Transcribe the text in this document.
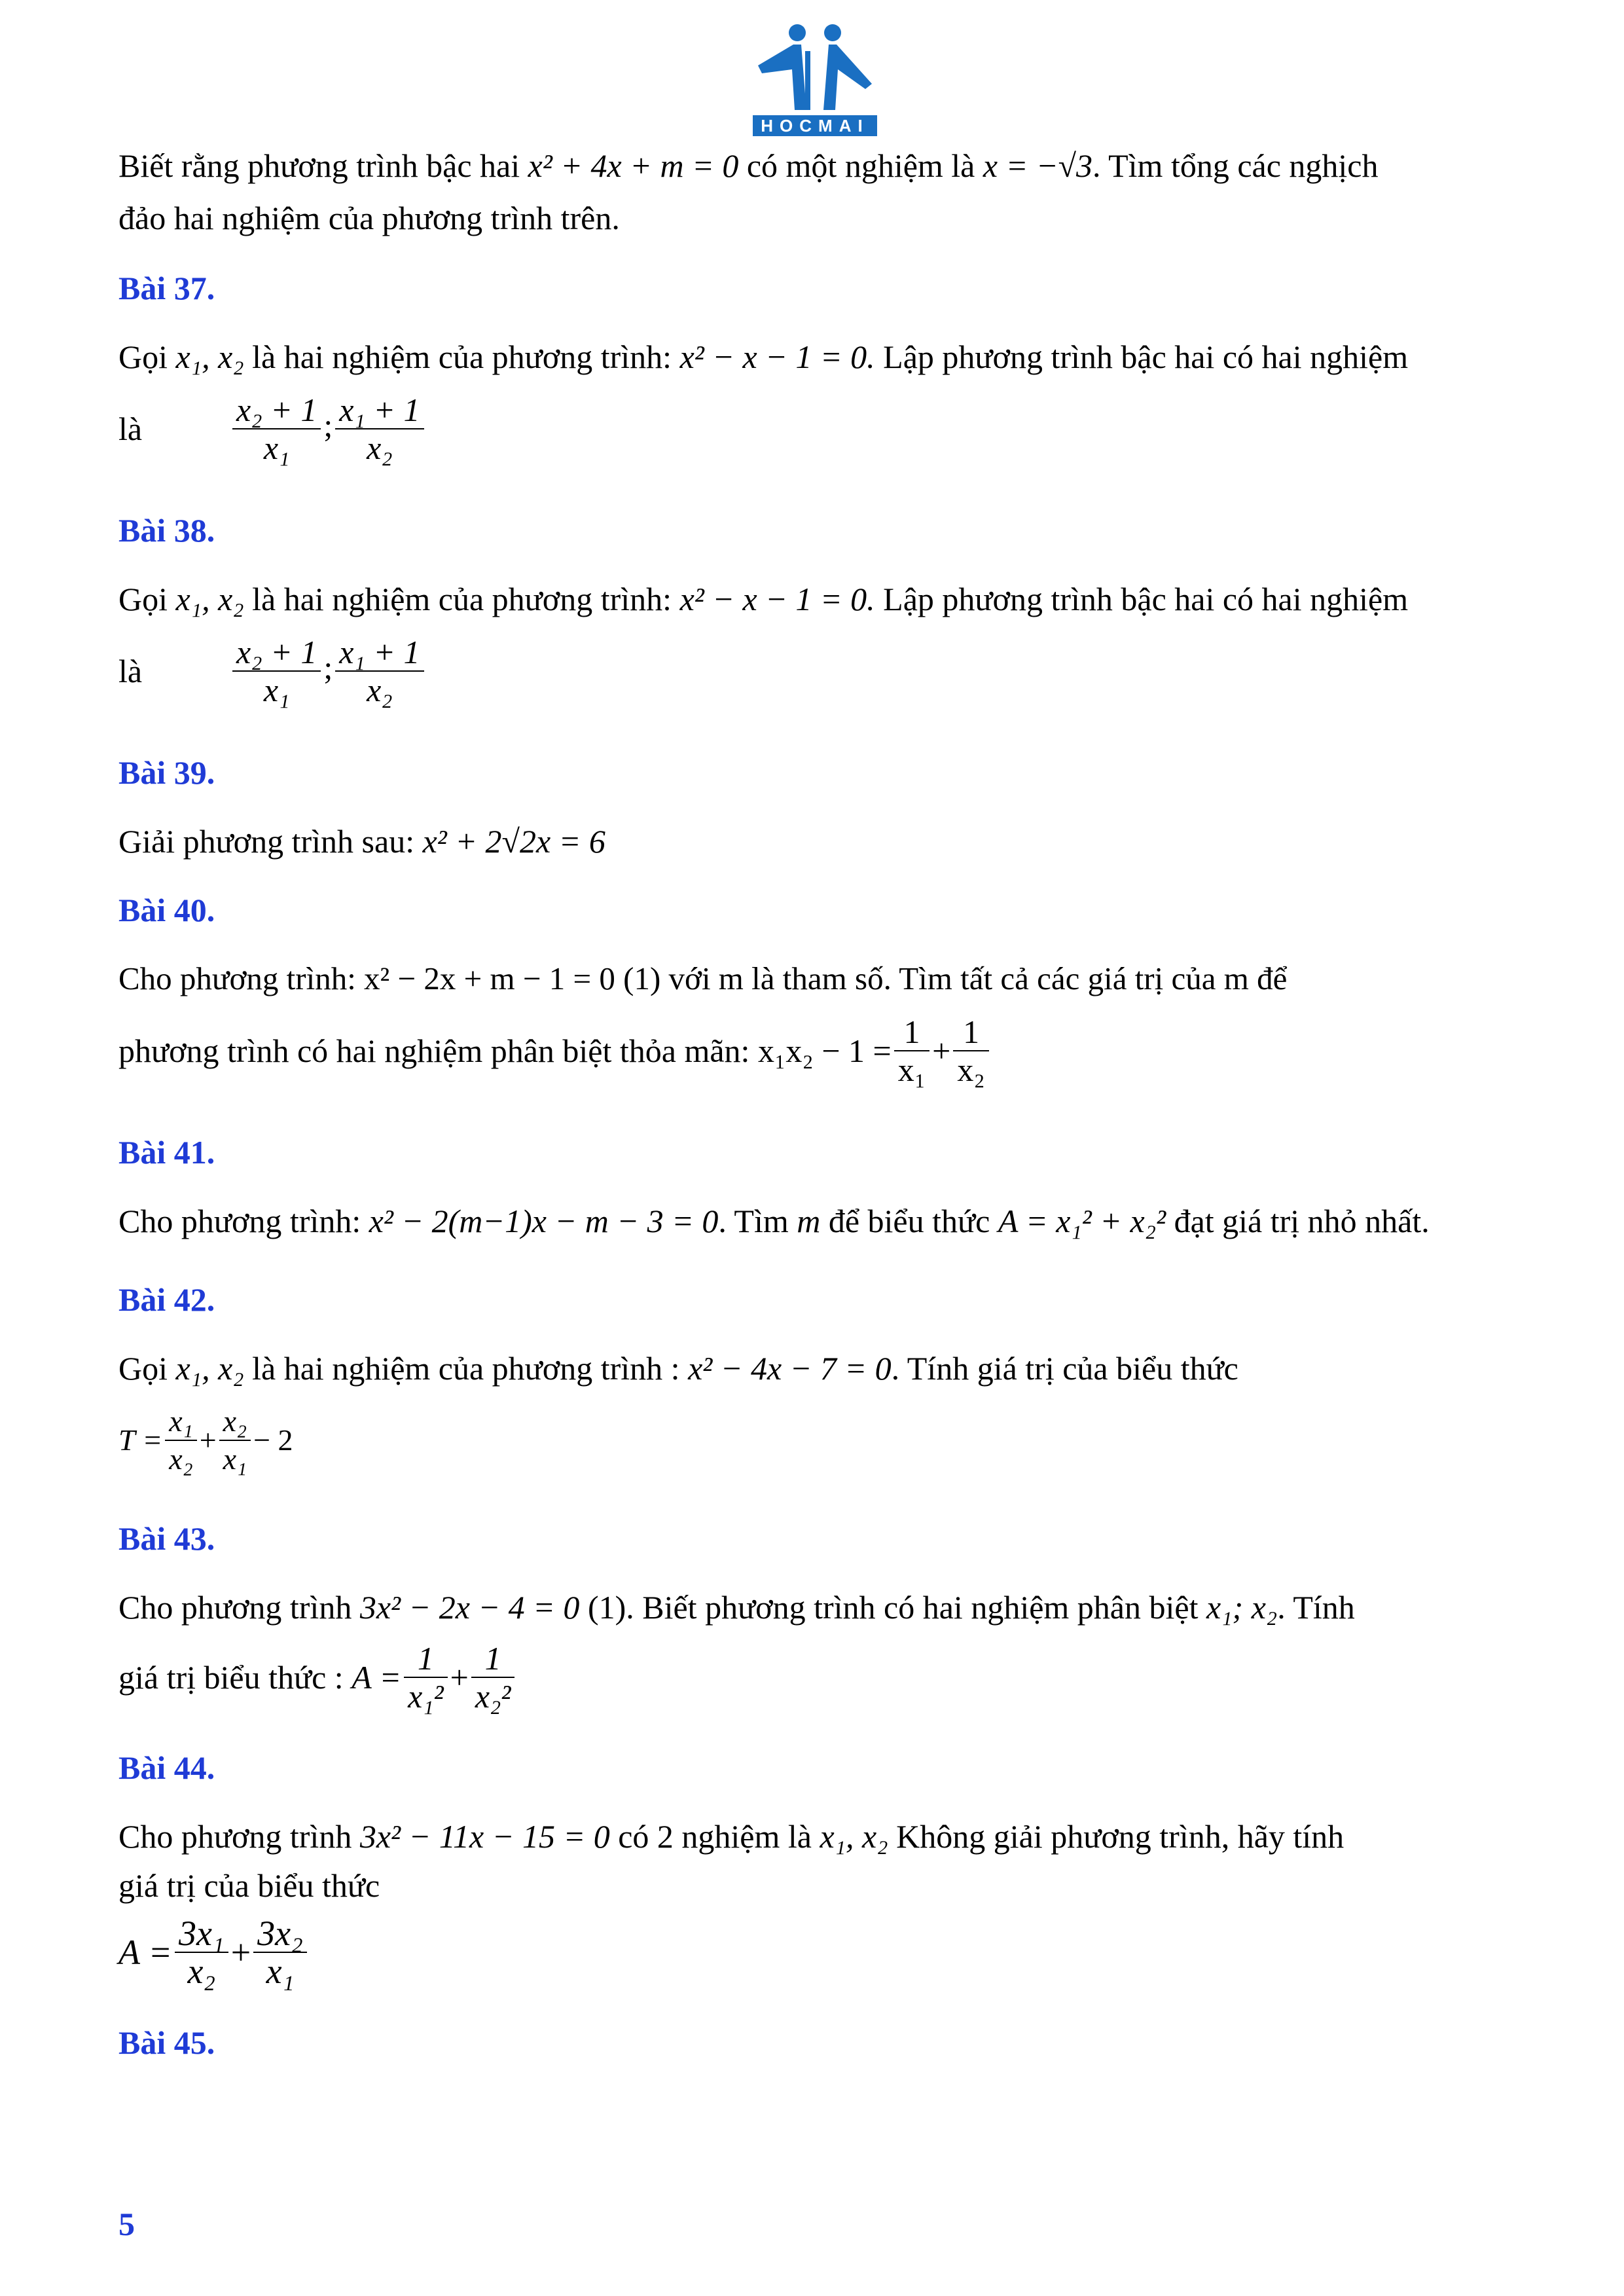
HOCMAI
Biết rằng phương trình bậc hai x² + 4x + m = 0 có một nghiệm là x = −√3. Tìm tổng các nghịch
đảo hai nghiệm của phương trình trên.
Bài 37.
Gọi x₁, x₂ là hai nghiệm của phương trình: x² − x − 1 = 0. Lập phương trình bậc hai có hai nghiệm
là	$\frac{\text{x₂ + 1}}{\text{x₁}}$ ; $\frac{\text{x₁ + 1}}{\text{x₂}}$
Bài 38.
Gọi x₁, x₂ là hai nghiệm của phương trình: x² − x − 1 = 0. Lập phương trình bậc hai có hai nghiệm
là	$\frac{\text{x₂ + 1}}{\text{x₁}}$ ; $\frac{\text{x₁ + 1}}{\text{x₂}}$
Bài 39.
Giải phương trình sau: x² + 2√2x = 6
Bài 40.
Cho phương trình: x² − 2x + m − 1 = 0 (1) với m là tham số. Tìm tất cả các giá trị của m để
phương trình có hai nghiệm phân biệt thỏa mãn: $x_1x_2 - 1 = \frac{1}{\text{x₁}} + \frac{1}{\text{x₂}}$
Bài 41.
Cho phương trình: x² − 2(m−1)x − m − 3 = 0. Tìm m để biểu thức A = x₁² + x₂² đạt giá trị nhỏ nhất.
Bài 42.
Gọi x₁, x₂ là hai nghiệm của phương trình : x² − 4x − 7 = 0. Tính giá trị của biểu thức
$T = \frac{\text{x₁}}{\text{x₂}} + \frac{\text{x₂}}{\text{x₁}} - 2$
Bài 43.
Cho phương trình 3x² − 2x − 4 = 0 (1). Biết phương trình có hai nghiệm phân biệt x₁; x₂. Tính
giá trị biểu thức : $A = \frac{1}{\text{x₁²}} + \frac{1}{\text{x₂²}}$
Bài 44.
Cho phương trình 3x² − 11x − 15 = 0 có 2 nghiệm là x₁, x₂ Không giải phương trình, hãy tính
giá trị của biểu thức
$A = \frac{\text{3x₁}}{\text{x₂}} + \frac{\text{3x₂}}{\text{x₁}}$
Bài 45.
5
